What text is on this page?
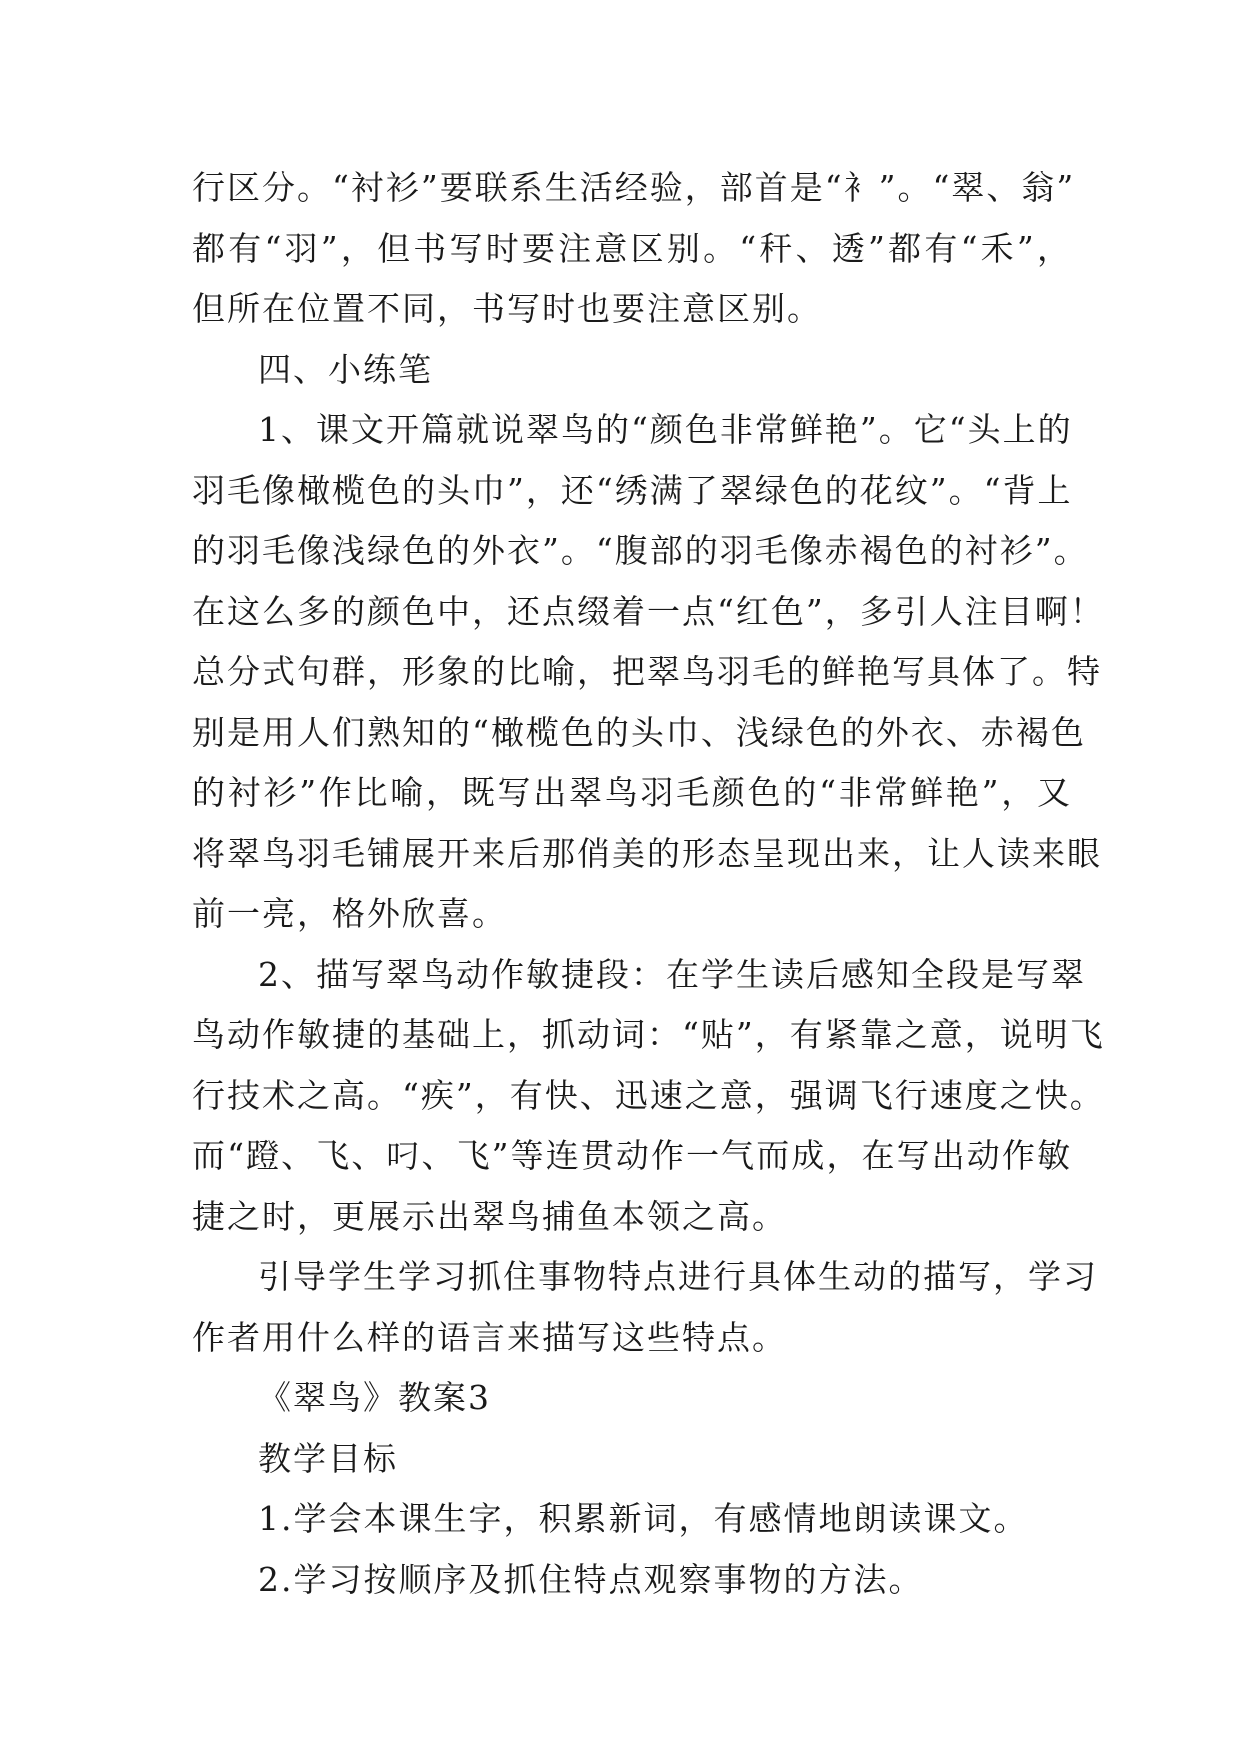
行区分。“衬衫”要联系生活经验，部首是“衤”。“翠、翁”
都有“羽”，但书写时要注意区别。“秆、透”都有“禾”，
但所在位置不同，书写时也要注意区别。
四、小练笔
1、课文开篇就说翠鸟的“颜色非常鲜艳”。它“头上的
羽毛像橄榄色的头巾”，还“绣满了翠绿色的花纹”。“背上
的羽毛像浅绿色的外衣”。“腹部的羽毛像赤褐色的衬衫”。
在这么多的颜色中，还点缀着一点“红色”，多引人注目啊！
总分式句群，形象的比喻，把翠鸟羽毛的鲜艳写具体了。特
别是用人们熟知的“橄榄色的头巾、浅绿色的外衣、赤褐色
的衬衫”作比喻，既写出翠鸟羽毛颜色的“非常鲜艳”，又
将翠鸟羽毛铺展开来后那俏美的形态呈现出来，让人读来眼
前一亮，格外欣喜。
2、描写翠鸟动作敏捷段：在学生读后感知全段是写翠
鸟动作敏捷的基础上，抓动词：“贴”，有紧靠之意，说明飞
行技术之高。“疾”，有快、迅速之意，强调飞行速度之快。
而“蹬、飞、叼、飞”等连贯动作一气而成，在写出动作敏
捷之时，更展示出翠鸟捕鱼本领之高。
引导学生学习抓住事物特点进行具体生动的描写，学习
作者用什么样的语言来描写这些特点。
《翠鸟》教案3
教学目标
1.学会本课生字，积累新词，有感情地朗读课文。
2.学习按顺序及抓住特点观察事物的方法。
